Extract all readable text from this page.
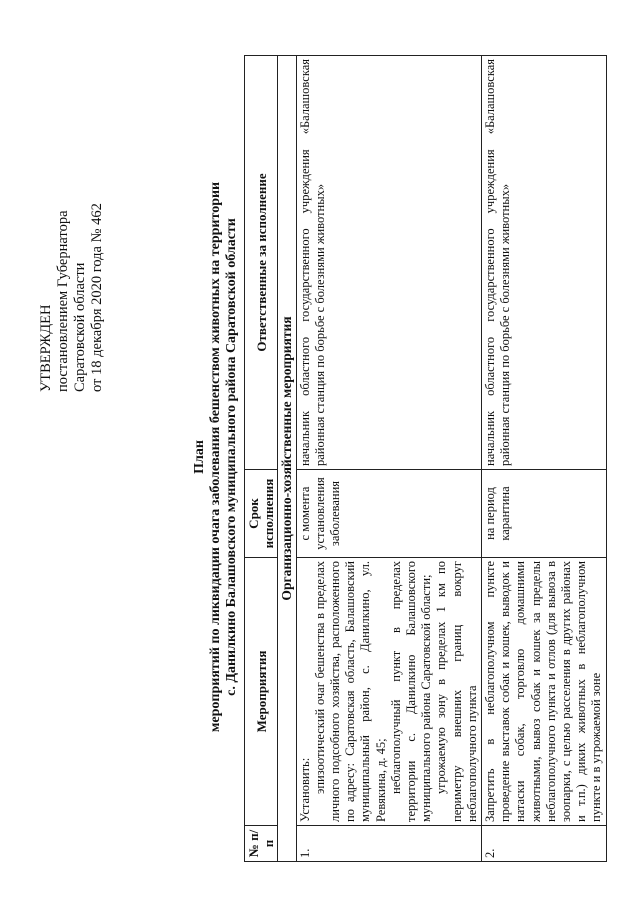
УТВЕРЖДЕН постановлением Губернатора Саратовской области от 18 декабря 2020 года № 462
План мероприятий по ликвидации очага заболевания бешенством животных на территории с. Данилкино Балашовского муниципального района Саратовской области
№ п/п	Мероприятия	Срок исполнения	Ответственные за исполнение
Организационно-хозяйственные мероприятия			
1.	Установить: эпизоотический очаг бешенства в пределах личного подсобного хозяйства, расположенного по адресу: Саратовская область, Балашовский муниципальный район, с. Данилкино, ул. Ревякина, д. 45; неблагополучный пункт в пределах территории с. Данилкино Балашовского муниципального района Саратовской области; угрожаемую зону в пределах 1 км по периметру внешних границ вокруг неблагополучного пункта	с момента установления заболевания	начальник областного государственного учреждения «Балашовская районная станция по борьбе с болезнями животных»
2.	Запретить в неблагополучном пункте проведение выставок собак и кошек, выводок и натаски собак, торговлю домашними животными, вывоз собак и кошек за пределы неблагополучного пункта и отлов (для вывоза в зоопарки, с целью расселения в других районах и т.п.) диких животных в неблагополучном пункте и в угрожаемой зоне	на период карантина	начальник областного государственного учреждения «Балашовская районная станция по борьбе с болезнями животных»
